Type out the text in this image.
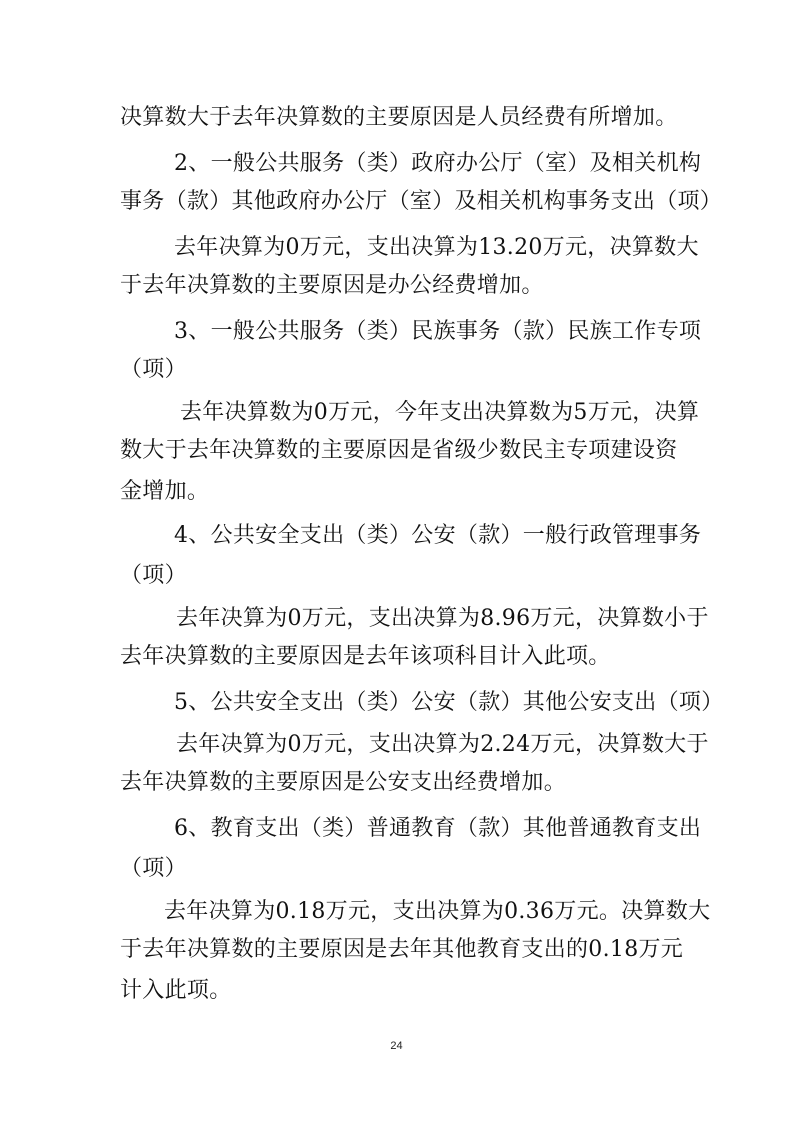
决算数大于去年决算数的主要原因是人员经费有所增加。
2、一般公共服务（类）政府办公厅（室）及相关机构
事务（款）其他政府办公厅（室）及相关机构事务支出（项）
去年决算为0万元，支出决算为13.20万元，决算数大
于去年决算数的主要原因是办公经费增加。
3、一般公共服务（类）民族事务（款）民族工作专项
（项）
去年决算数为0万元，今年支出决算数为5万元，决算
数大于去年决算数的主要原因是省级少数民主专项建设资
金增加。
4、公共安全支出（类）公安（款）一般行政管理事务
（项）
去年决算为0万元，支出决算为8.96万元，决算数小于
去年决算数的主要原因是去年该项科目计入此项。
5、公共安全支出（类）公安（款）其他公安支出（项）
去年决算为0万元，支出决算为2.24万元，决算数大于
去年决算数的主要原因是公安支出经费增加。
6、教育支出（类）普通教育（款）其他普通教育支出
（项）
去年决算为0.18万元，支出决算为0.36万元。决算数大
于去年决算数的主要原因是去年其他教育支出的0.18万元
计入此项。
24
